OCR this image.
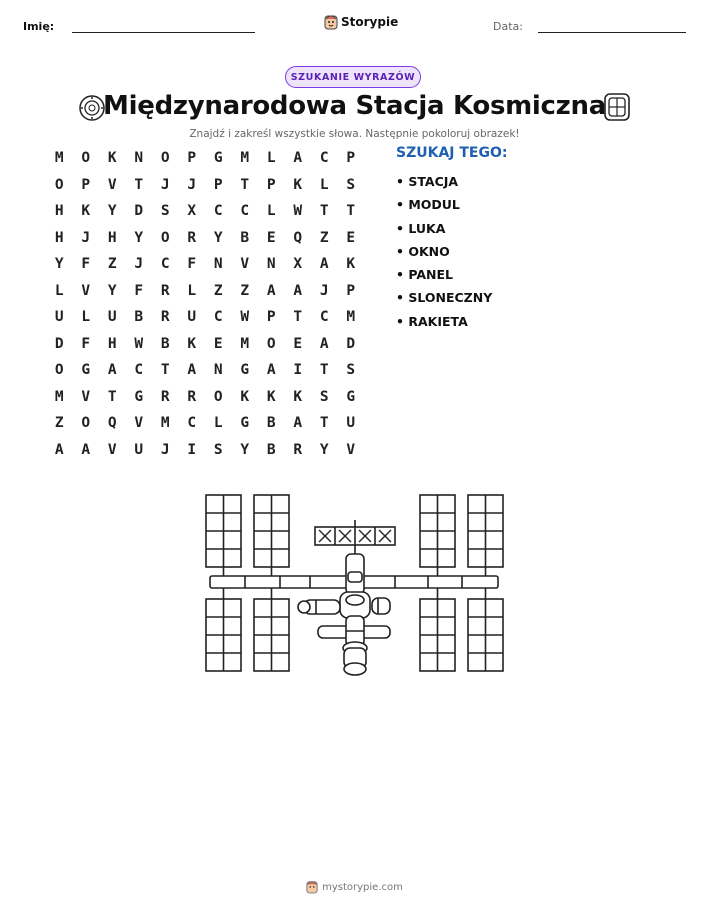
Imię:	Storypie	Data:
SZUKANIE WYRAZÓW
Międzynarodowa Stacja Kosmiczna
Znajdź i zakreśl wszystkie słowa. Następnie pokoloruj obrazek!
M	O	K	N	O	P	G	M	L	A	C	P
O	P	V	T	J	J	P	T	P	K	L	S
H	K	Y	D	S	X	C	C	L	W	T	T
H	J	H	Y	O	R	Y	B	E	Q	Z	E
Y	F	Z	J	C	F	N	V	N	X	A	K
L	V	Y	F	R	L	Z	Z	A	A	J	P
U	L	U	B	R	U	C	W	P	T	C	M
D	F	H	W	B	K	E	M	O	E	A	D
O	G	A	C	T	A	N	G	A	I	T	S
M	V	T	G	R	R	O	K	K	K	S	G
Z	O	Q	V	M	C	L	G	B	A	T	U
A	A	V	U	J	I	S	Y	B	R	Y	V
SZUKAJ TEGO:
• STACJA
• MODUL
• LUKA
• OKNO
• PANEL
• SLONECZNY
• RAKIETA
mystorypie.com
